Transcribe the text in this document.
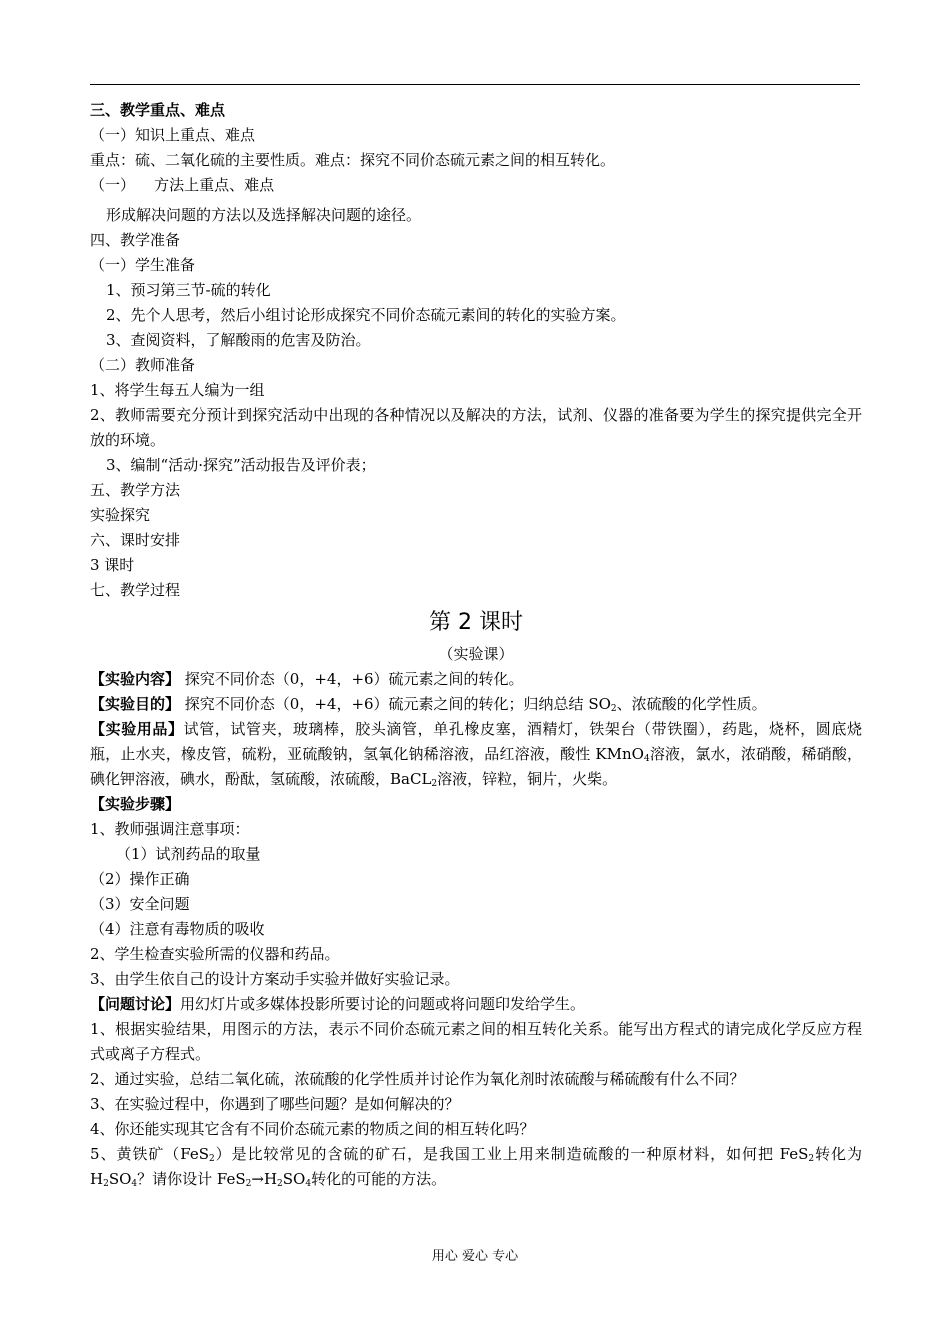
三、教学重点、难点
（一）知识上重点、难点
重点：硫、二氧化硫的主要性质。难点：探究不同价态硫元素之间的相互转化。
（一）    方法上重点、难点
形成解决问题的方法以及选择解决问题的途径。
四、教学准备
（一）学生准备
1、预习第三节-硫的转化
2、先个人思考，然后小组讨论形成探究不同价态硫元素间的转化的实验方案。
3、查阅资料，了解酸雨的危害及防治。
（二）教师准备
1、将学生每五人编为一组
2、教师需要充分预计到探究活动中出现的各种情况以及解决的方法，试剂、仪器的准备要为学生的探究提供完全开放的环境。
3、编制“活动·探究”活动报告及评价表；
五、教学方法
实验探究
六、课时安排
3 课时
七、教学过程
第 2 课时
（实验课）
【实验内容】 探究不同价态（0，+4，+6）硫元素之间的转化。
【实验目的】 探究不同价态（0，+4，+6）硫元素之间的转化；归纳总结 $SO_2$、浓硫酸的化学性质。
【实验用品】试管，试管夹，玻璃棒，胶头滴管，单孔橡皮塞，酒精灯，铁架台（带铁圈），药匙，烧杯，圆底烧瓶，止水夹，橡皮管，硫粉，亚硫酸钠，氢氧化钠稀溶液，品红溶液，酸性 KMnO$_4$溶液，氯水，浓硝酸，稀硝酸，碘化钾溶液，碘水，酚酞，氢硫酸，浓硫酸，BaCL$_2$溶液，锌粒，铜片，火柴。
【实验步骤】
1、教师强调注意事项：
（1）试剂药品的取量
（2）操作正确
（3）安全问题
（4）注意有毒物质的吸收
2、学生检查实验所需的仪器和药品。
3、由学生依自己的设计方案动手实验并做好实验记录。
【问题讨论】用幻灯片或多媒体投影所要讨论的问题或将问题印发给学生。
1、根据实验结果，用图示的方法，表示不同价态硫元素之间的相互转化关系。能写出方程式的请完成化学反应方程式或离子方程式。
2、通过实验，总结二氧化硫，浓硫酸的化学性质并讨论作为氧化剂时浓硫酸与稀硫酸有什么不同？
3、在实验过程中，你遇到了哪些问题？是如何解决的？
4、你还能实现其它含有不同价态硫元素的物质之间的相互转化吗？
5、黄铁矿（FeS$_2$）是比较常见的含硫的矿石，是我国工业上用来制造硫酸的一种原材料，如何把 FeS$_2$转化为$H_2SO_4$？请你设计 $FeS_2\to H_2SO_4$转化的可能的方法。
用心 爱心 专心
